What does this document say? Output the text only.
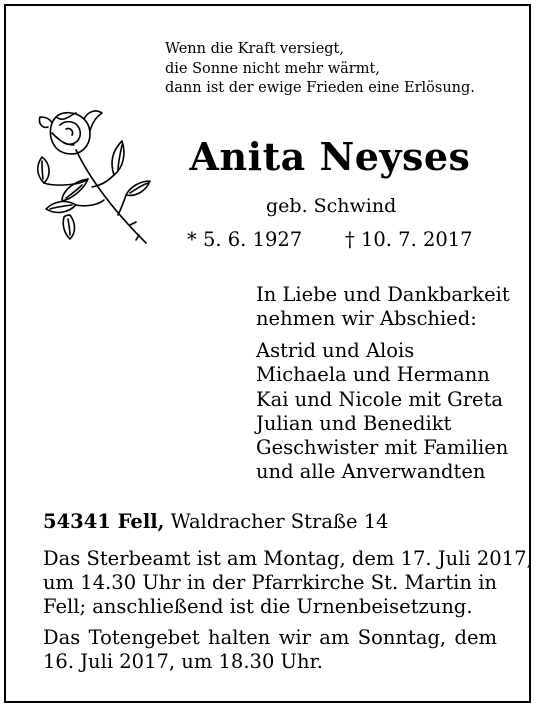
Wenn die Kraft versiegt,
die Sonne nicht mehr wärmt,
dann ist der ewige Frieden eine Erlösung.
Anita Neyses
geb. Schwind
* 5. 6. 1927 † 10. 7. 2017
In Liebe und Dankbarkeit
nehmen wir Abschied:
Astrid und Alois
Michaela und Hermann
Kai und Nicole mit Greta
Julian und Benedikt
Geschwister mit Familien
und alle Anverwandten
54341 Fell, Waldracher Straße 14
Das Sterbeamt ist am Montag, dem 17. Juli 2017,
um 14.30 Uhr in der Pfarrkirche St. Martin in
Fell; anschließend ist die Urnenbeisetzung.
Das Totengebet halten wir am Sonntag, dem
16. Juli 2017, um 18.30 Uhr.
